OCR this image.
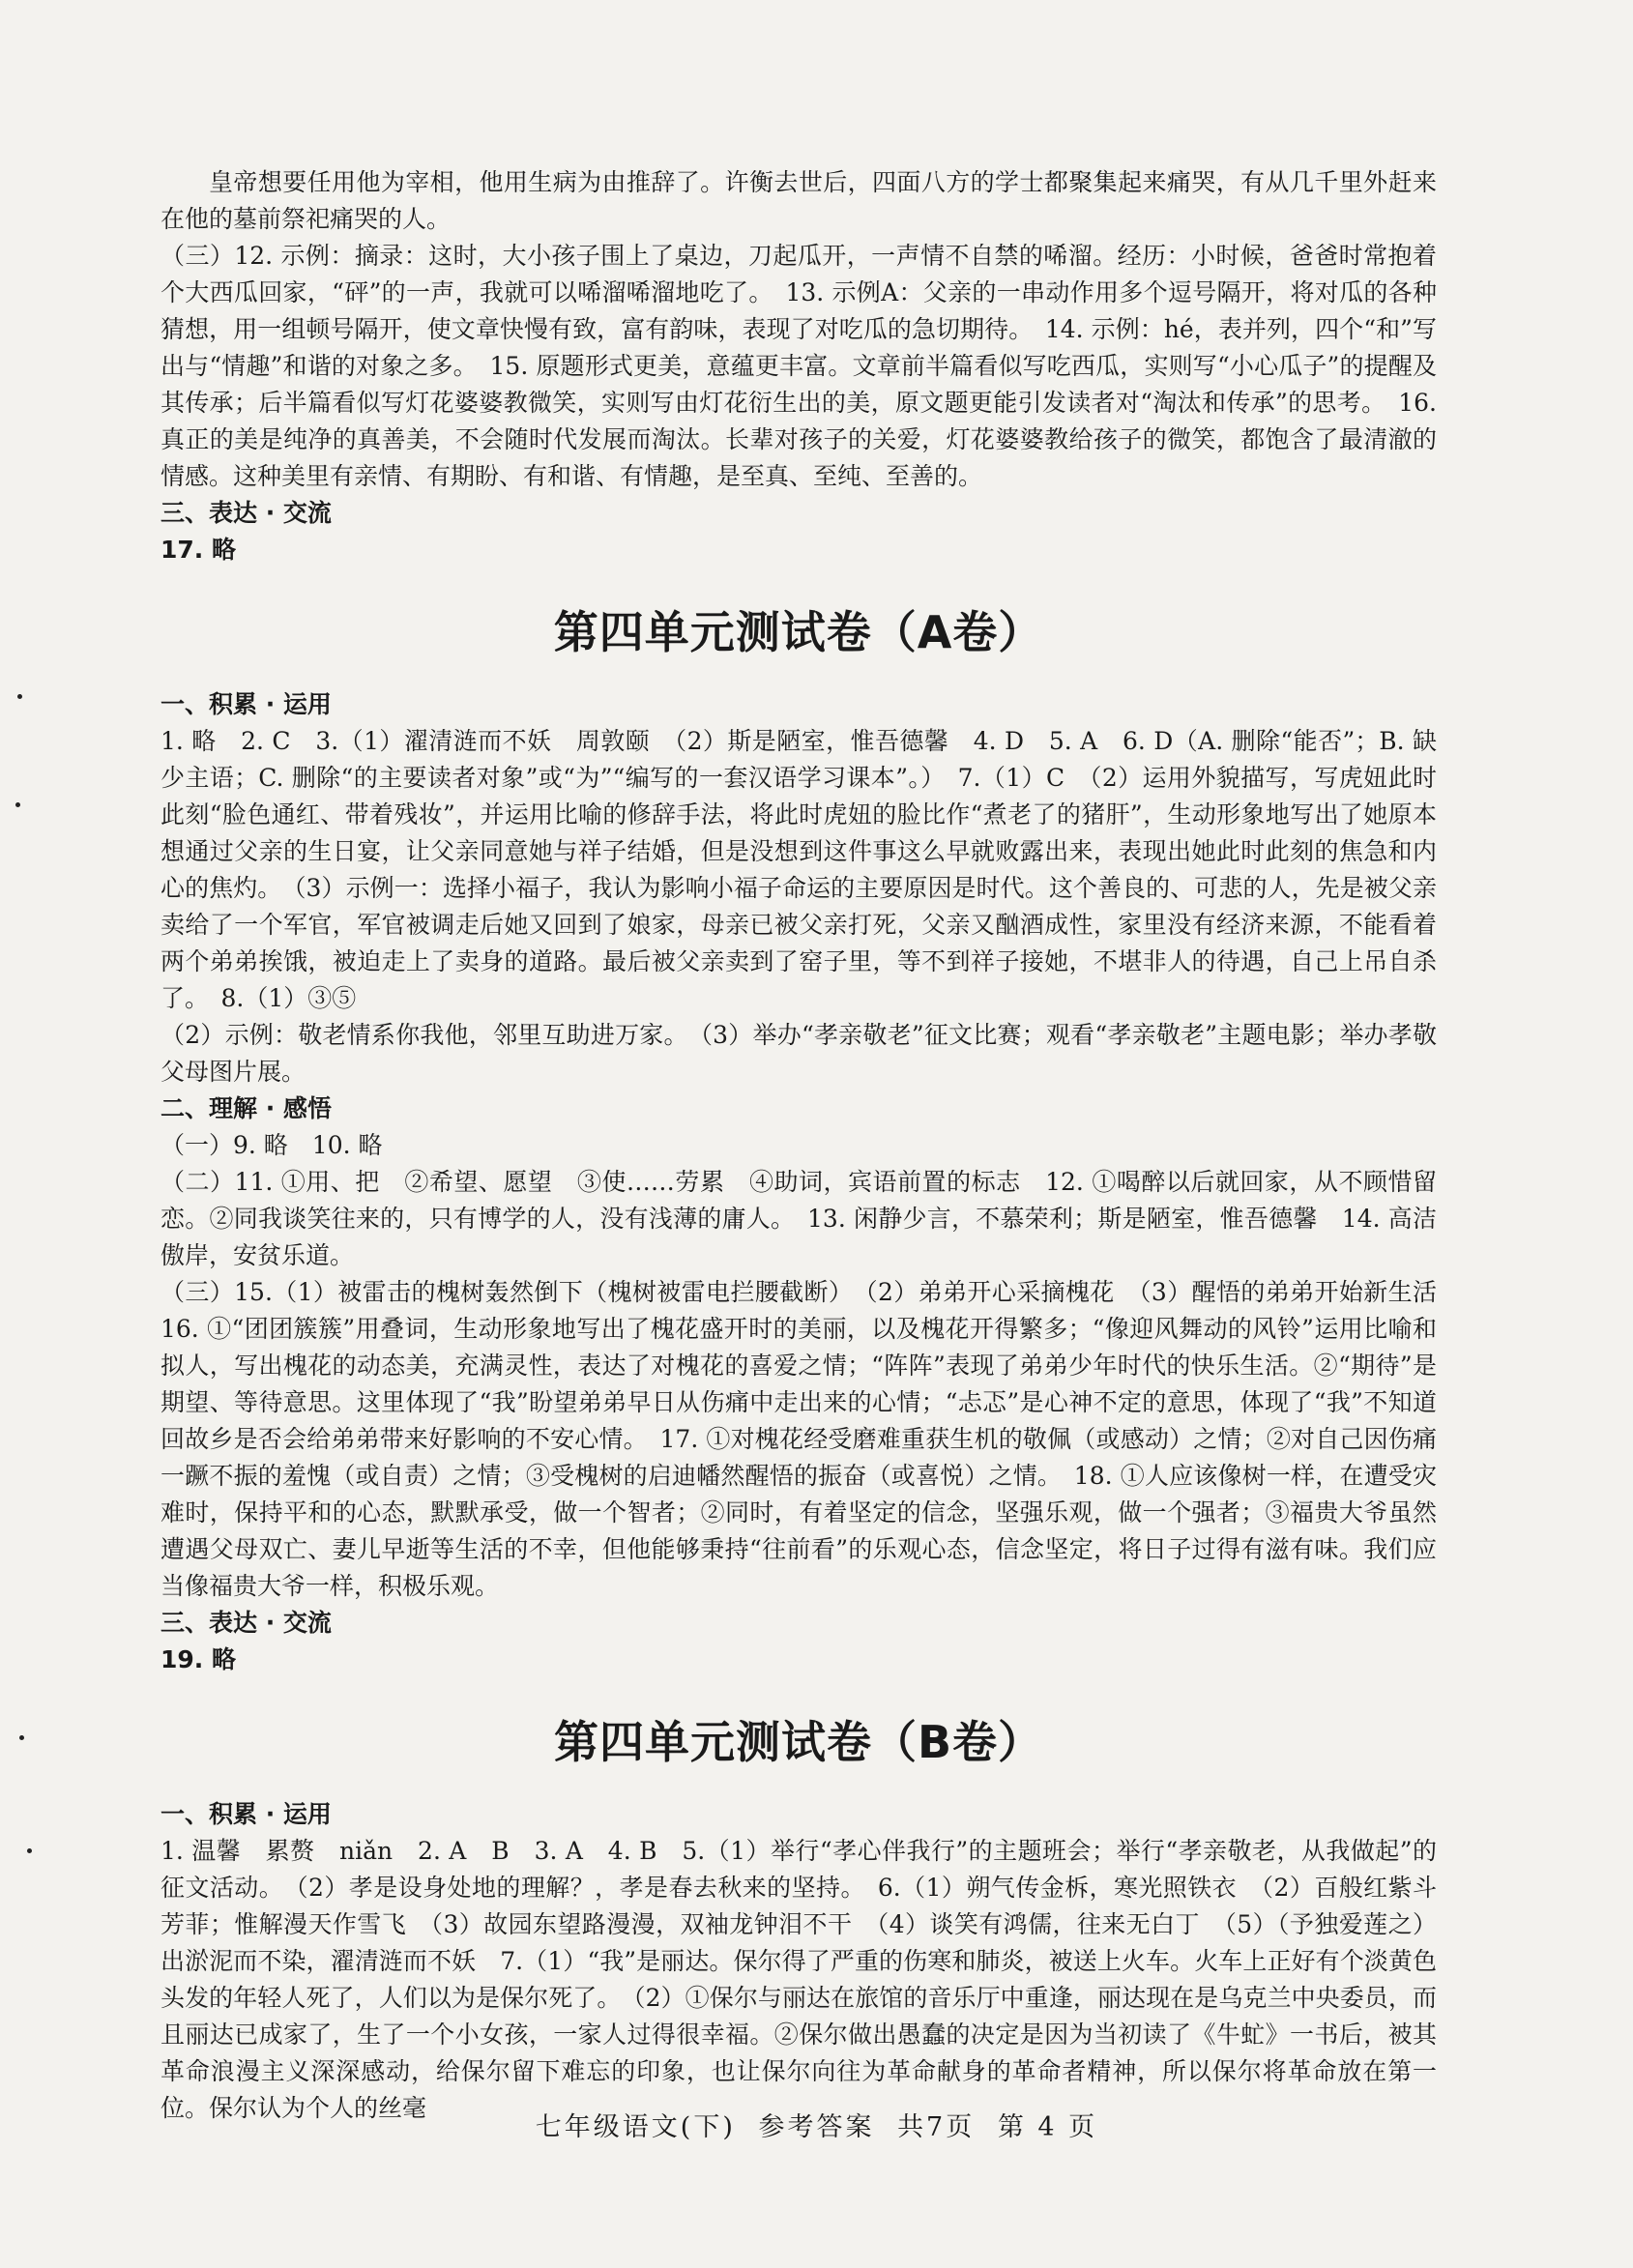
皇帝想要任用他为宰相，他用生病为由推辞了。许衡去世后，四面八方的学士都聚集起来痛哭，有从几千里外赶来在他的墓前祭祀痛哭的人。

（三）12. 示例：摘录：这时，大小孩子围上了桌边，刀起瓜开，一声情不自禁的唏溜。经历：小时候，爸爸时常抱着个大西瓜回家，“砰”的一声，我就可以唏溜唏溜地吃了。　13. 示例A：父亲的一串动作用多个逗号隔开，将对瓜的各种猜想，用一组顿号隔开，使文章快慢有致，富有韵味，表现了对吃瓜的急切期待。　14. 示例：hé，表并列，四个“和”写出与“情趣”和谐的对象之多。　15. 原题形式更美，意蕴更丰富。文章前半篇看似写吃西瓜，实则写“小心瓜子”的提醒及其传承；后半篇看似写灯花婆婆教微笑，实则写由灯花衍生出的美，原文题更能引发读者对“淘汰和传承”的思考。　16. 真正的美是纯净的真善美，不会随时代发展而淘汰。长辈对孩子的关爱，灯花婆婆教给孩子的微笑，都饱含了最清澈的情感。这种美里有亲情、有期盼、有和谐、有情趣，是至真、至纯、至善的。

三、表达 · 交流

17. 略

第四单元测试卷（A卷）

一、积累 · 运用

1. 略　2. C　3.（1）濯清涟而不妖　周敦颐　（2）斯是陋室，惟吾德馨　4. D　5. A　6. D（A. 删除“能否”；B. 缺少主语；C. 删除“的主要读者对象”或“为”“编写的一套汉语学习课本”。）　7.（1）C　（2）运用外貌描写，写虎妞此时此刻“脸色通红、带着残妆”，并运用比喻的修辞手法，将此时虎妞的脸比作“煮老了的猪肝”，生动形象地写出了她原本想通过父亲的生日宴，让父亲同意她与祥子结婚，但是没想到这件事这么早就败露出来，表现出她此时此刻的焦急和内心的焦灼。　（3）示例一：选择小福子，我认为影响小福子命运的主要原因是时代。这个善良的、可悲的人，先是被父亲卖给了一个军官，军官被调走后她又回到了娘家，母亲已被父亲打死，父亲又酗酒成性，家里没有经济来源，不能看着两个弟弟挨饿，被迫走上了卖身的道路。最后被父亲卖到了窑子里，等不到祥子接她，不堪非人的待遇，自己上吊自杀了。　8.（1）③⑤

（2）示例：敬老情系你我他，邻里互助进万家。　（3）举办“孝亲敬老”征文比赛；观看“孝亲敬老”主题电影；举办孝敬父母图片展。

二、理解 · 感悟

（一）9. 略　10. 略

（二）11. ①用、把　②希望、愿望　③使……劳累　④助词，宾语前置的标志　12. ①喝醉以后就回家，从不顾惜留恋。②同我谈笑往来的，只有博学的人，没有浅薄的庸人。　13. 闲静少言，不慕荣利；斯是陋室，惟吾德馨　14. 高洁傲岸，安贫乐道。

（三）15.（1）被雷击的槐树轰然倒下（槐树被雷电拦腰截断）　（2）弟弟开心采摘槐花　（3）醒悟的弟弟开始新生活　16. ①“团团簇簇”用叠词，生动形象地写出了槐花盛开时的美丽，以及槐花开得繁多；“像迎风舞动的风铃”运用比喻和拟人，写出槐花的动态美，充满灵性，表达了对槐花的喜爱之情；“阵阵”表现了弟弟少年时代的快乐生活。②“期待”是期望、等待意思。这里体现了“我”盼望弟弟早日从伤痛中走出来的心情；“忐忑”是心神不定的意思，体现了“我”不知道回故乡是否会给弟弟带来好影响的不安心情。　17. ①对槐花经受磨难重获生机的敬佩（或感动）之情；②对自己因伤痛一蹶不振的羞愧（或自责）之情；③受槐树的启迪幡然醒悟的振奋（或喜悦）之情。　18. ①人应该像树一样，在遭受灾难时，保持平和的心态，默默承受，做一个智者；②同时，有着坚定的信念，坚强乐观，做一个强者；③福贵大爷虽然遭遇父母双亡、妻儿早逝等生活的不幸，但他能够秉持“往前看”的乐观心态，信念坚定，将日子过得有滋有味。我们应当像福贵大爷一样，积极乐观。

三、表达 · 交流

19. 略

第四单元测试卷（B卷）

一、积累 · 运用

1. 温馨　累赘　niǎn　2. A　B　3. A　4. B　5.（1）举行“孝心伴我行”的主题班会；举行“孝亲敬老，从我做起”的征文活动。　（2）孝是设身处地的理解？，孝是春去秋来的坚持。　6.（1）朔气传金柝，寒光照铁衣　（2）百般红紫斗芳菲；惟解漫天作雪飞　（3）故园东望路漫漫，双袖龙钟泪不干　（4）谈笑有鸿儒，往来无白丁　（5）（予独爱莲之）出淤泥而不染，濯清涟而不妖　7.（1）“我”是丽达。保尔得了严重的伤寒和肺炎，被送上火车。火车上正好有个淡黄色头发的年轻人死了，人们以为是保尔死了。　（2）①保尔与丽达在旅馆的音乐厅中重逢，丽达现在是乌克兰中央委员，而且丽达已成家了，生了一个小女孩，一家人过得很幸福。②保尔做出愚蠢的决定是因为当初读了《牛虻》一书后，被其革命浪漫主义深深感动，给保尔留下难忘的印象，也让保尔向往为革命献身的革命者精神，所以保尔将革命放在第一位。保尔认为个人的丝毫

七年级语文(下) 参考答案 共7页 第 4 页
